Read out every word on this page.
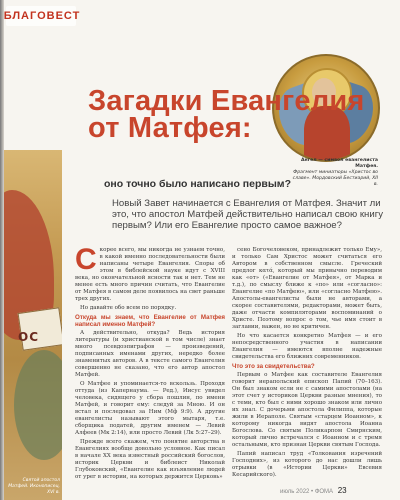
ОС
Святой апостол Матфей. Иконописец, XVI в.
БЛАГОВЕСТ
Ангел — символ евангелиста Матфея.
Фрагмент миниатюры «Христос во славе». Мордовский Бестиарий, XII в.
Загадки Евангелия от Матфея:
оно точно было написано первым?

Новый Завет начинается с Евангелия от Матфея. Значит ли это, что апостол Матфей действительно написал свою книгу первым? Или его Евангелие просто самое важное?

Скорее всего, мы никогда не узнаем точно, в какой именно последовательности были написаны четыре Евангелия. Споры об этом в библейской науке идут с XVIII века, но окончательной ясности так и нет. Тем не менее есть много причин считать, что Евангелие от Матфея в самом деле появилось на свет раньше трех других.

Но давайте обо всем по порядку.

Откуда мы знаем, что Евангелие от Матфея написал именно Матфей?

А действительно, откуда? Ведь история литературы (и христианской в том числе) знает много псевдоэпиграфов — произведений, подписанных именами других, нередко более знаменитых авторов. А в тексте самого Евангелия совершенно не сказано, что его автор апостол Матфей.

О Матфее и упоминается-то вскользь. Проходя оттуда (из Капернаума. — Ред.), Иисус увидел человека, сидящего у сбора пошлин, по имени Матфей, и говорит ему: следуй за Мною. И он встал и последовал за Ним (Мф 9:9). А другие евангелисты называют этого мытаря, т.е. сборщика податей, другим именем — Левий Алфеев (Мк 2:14), или просто Левий (Лк 5:27–29).

Прежде всего скажем, что понятие авторства в Евангелиях вообще довольно условное. Как писал в начале XX века известный российский богослов, историк Церкви и библеист Николай Глубоковский, «Евангелие как изъявление людей от урег в истории, на которых держится Церковь»

сено Богочеловеком, принадлежит только Ему», и только Сам Христос может считаться его Автором в собственном смысле. Греческий предлог κατά, который мы привычно переводим как «от» («Евангелие от Матфея», от Марка и т.д.), по смыслу ближе к «по» или «согласно»: Евангелие «по Матфею», или «согласно Матфею». Апостолы-евангелисты были не авторами, а скорее составителями, редакторами, может быть, даже отчасти компиляторами воспоминаний о Христе. Поэтому вопрос о том, чье имя стоит в заглавии, важен, но не критичен.

Но что касается конкретно Матфея — и его непосредственного участия в написании Евангелия — имеются вполне надежные свидетельства его ближних современников.

Что это за свидетельства?

Первым о Матфее как составителе Евангелия говорит иерапольский епископ Папий (70–163). Он был знаком если не с самими апостолами (на этот счет у историков Церкви разные мнения), то с теми, кто был с ними хорошо знаком или лично их знал. С дочерьми апостола Филиппа, которые жили в Иераполе. Святым «старцем Иоанном», к которому никогда видят апостола Иоанна Богослова. Со святым Поликарпом Смирнским, который лично встречался с Иоанном и с тремя остальными, кто признан Церкви святым Господа.

Папий написал труд «Толкования изречений Господних», из которого до нас дошли лишь отрывки (в «Истории Церкви» Евсевия Кесарийского).

июль 2022 • ФОМА 23
